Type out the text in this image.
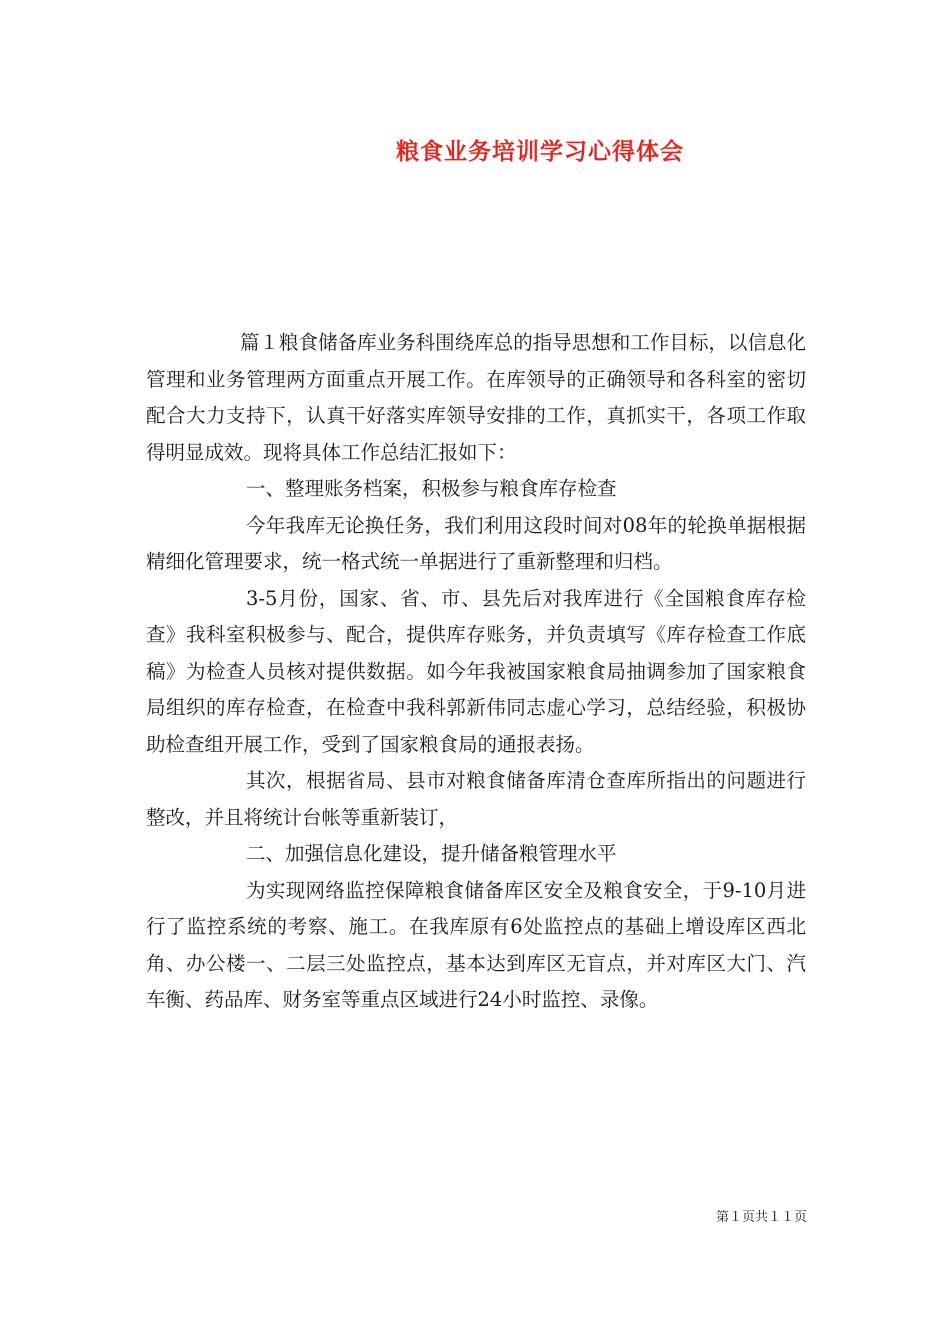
粮食业务培训学习心得体会

篇１粮食储备库业务科围绕库总的指导思想和工作目标，以信息化管理和业务管理两方面重点开展工作。在库领导的正确领导和各科室的密切配合大力支持下，认真干好落实库领导安排的工作，真抓实干，各项工作取得明显成效。现将具体工作总结汇报如下：

一、整理账务档案，积极参与粮食库存检查

今年我库无论换任务，我们利用这段时间对08年的轮换单据根据精细化管理要求，统一格式统一单据进行了重新整理和归档。

3-5月份，国家、省、市、县先后对我库进行《全国粮食库存检查》我科室积极参与、配合，提供库存账务，并负责填写《库存检查工作底稿》为检查人员核对提供数据。如今年我被国家粮食局抽调参加了国家粮食局组织的库存检查，在检查中我科郭新伟同志虚心学习，总结经验，积极协助检查组开展工作，受到了国家粮食局的通报表扬。

其次，根据省局、县市对粮食储备库清仓查库所指出的问题进行整改，并且将统计台帐等重新装订，

二、加强信息化建设，提升储备粮管理水平

为实现网络监控保障粮食储备库区安全及粮食安全，于9-10月进行了监控系统的考察、施工。在我库原有6处监控点的基础上增设库区西北角、办公楼一、二层三处监控点，基本达到库区无盲点，并对库区大门、汽车衡、药品库、财务室等重点区域进行24小时监控、录像。

第１页共１１页
